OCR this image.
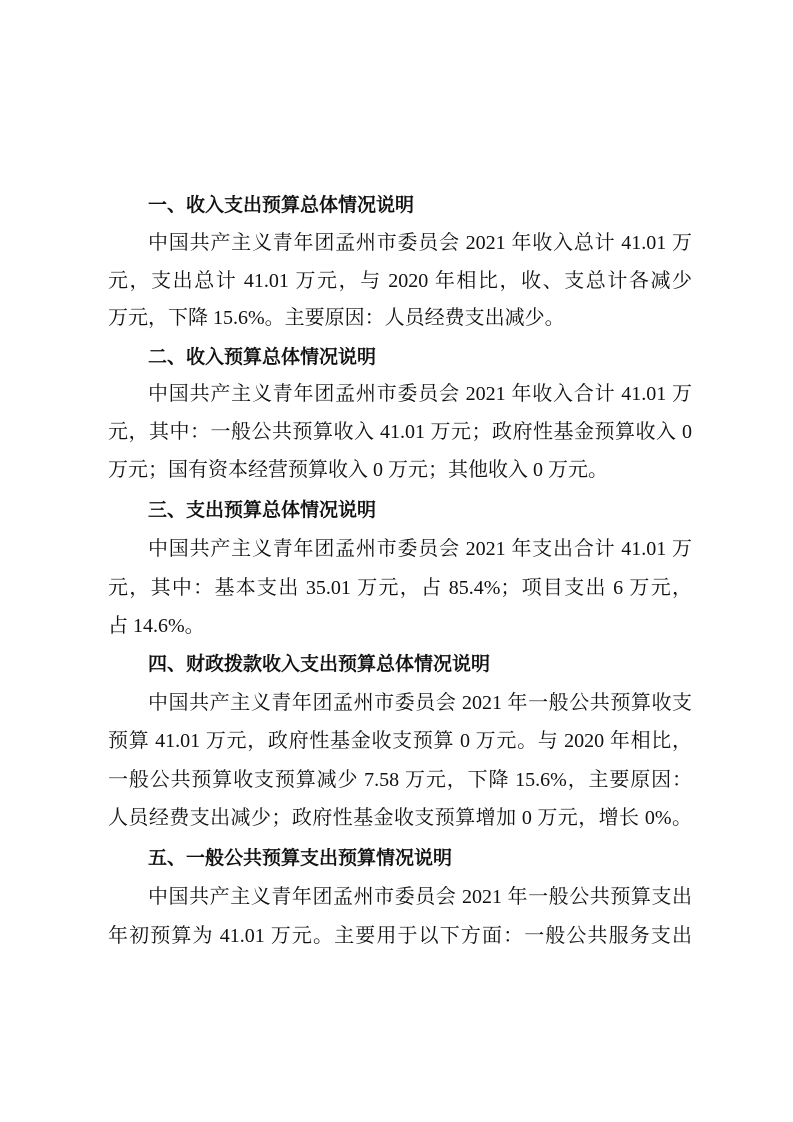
一、收入支出预算总体情况说明
中国共产主义青年团孟州市委员会 2021 年收入总计 41.01 万
元，支出总计 41.01 万元，与 2020 年相比，收、支总计各减少
万元，下降 15.6%。主要原因：人员经费支出减少。
二、收入预算总体情况说明
中国共产主义青年团孟州市委员会 2021 年收入合计 41.01 万
元，其中：一般公共预算收入 41.01 万元；政府性基金预算收入 0
万元；国有资本经营预算收入 0 万元；其他收入 0 万元。
三、支出预算总体情况说明
中国共产主义青年团孟州市委员会 2021 年支出合计 41.01 万
元，其中：基本支出 35.01 万元，占 85.4%；项目支出 6 万元，
占 14.6%。
四、财政拨款收入支出预算总体情况说明
中国共产主义青年团孟州市委员会 2021 年一般公共预算收支
预算 41.01 万元，政府性基金收支预算 0 万元。与 2020 年相比，
一般公共预算收支预算减少 7.58 万元，下降 15.6%，主要原因：
人员经费支出减少；政府性基金收支预算增加 0 万元，增长 0%。
五、一般公共预算支出预算情况说明
中国共产主义青年团孟州市委员会 2021 年一般公共预算支出
年初预算为 41.01 万元。主要用于以下方面：一般公共服务支出
